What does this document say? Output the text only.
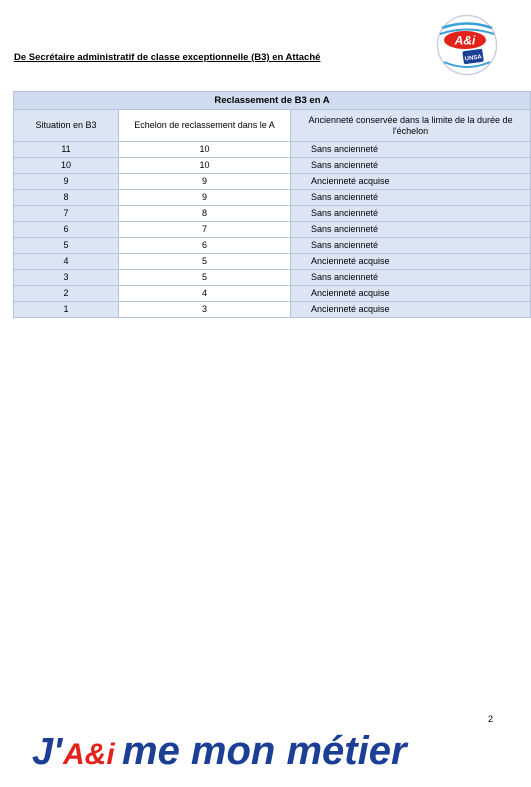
De Secrétaire administratif de classe exceptionnelle (B3) en Attaché
A&i
UNSA
Reclassement de B3 en A		
Situation en B3	Echelon de reclassement dans le A	Ancienneté conservée dans la limite de la durée de l'échelon
11	10	Sans ancienneté
10	10	Sans ancienneté
9	9	Ancienneté acquise
8	9	Sans ancienneté
7	8	Sans ancienneté
6	7	Sans ancienneté
5	6	Sans ancienneté
4	5	Ancienneté acquise
3	5	Sans ancienneté
2	4	Ancienneté acquise
1	3	Ancienneté acquise
2
J' A&i me mon métier
